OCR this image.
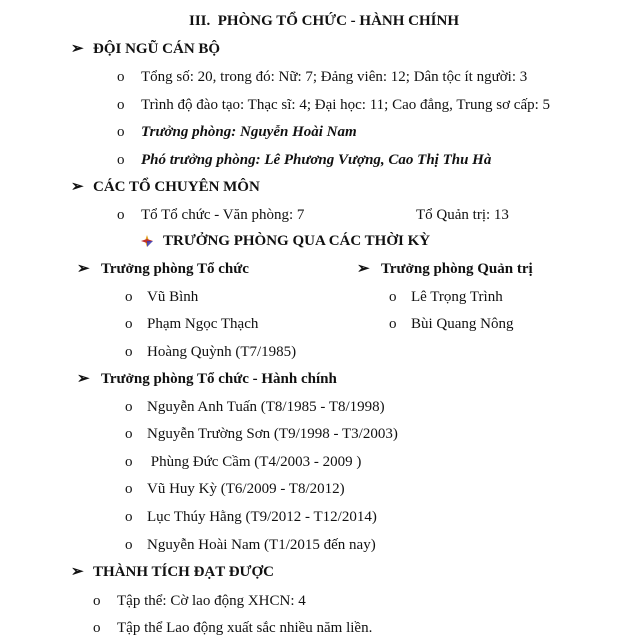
III. PHÒNG TỔ CHỨC - HÀNH CHÍNH
➢ ĐỘI NGŨ CÁN BỘ
o Tổng số: 20, trong đó: Nữ: 7; Đảng viên: 12; Dân tộc ít người: 3
o Trình độ đào tạo: Thạc sĩ: 4; Đại học: 11; Cao đẳng, Trung sơ cấp: 5
o Trưởng phòng: Nguyễn Hoài Nam
o Phó trưởng phòng: Lê Phương Vượng, Cao Thị Thu Hà
➢ CÁC TỔ CHUYÊN MÔN
o Tổ Tổ chức - Văn phòng: 7	Tổ Quản trị: 13
TRƯỞNG PHÒNG QUA CÁC THỜI KỲ
➢ Trưởng phòng Tổ chức
o Vũ Bình
o Phạm Ngọc Thạch
o Hoàng Quỳnh (T7/1985)
➢ Trưởng phòng Quản trị
o Lê Trọng Trình
o Bùi Quang Nông
➢ Trưởng phòng Tổ chức - Hành chính
o Nguyễn Anh Tuấn (T8/1985 - T8/1998)
o Nguyễn Trường Sơn (T9/1998 - T3/2003)
o Phùng Đức Cầm (T4/2003 - 2009 )
o Vũ Huy Kỳ (T6/2009 - T8/2012)
o Lục Thúy Hằng (T9/2012 - T12/2014)
o Nguyễn Hoài Nam (T1/2015 đến nay)
➢ THÀNH TÍCH ĐẠT ĐƯỢC
o Tập thể: Cờ lao động XHCN: 4
o Tập thể Lao động xuất sắc nhiều năm liền.
